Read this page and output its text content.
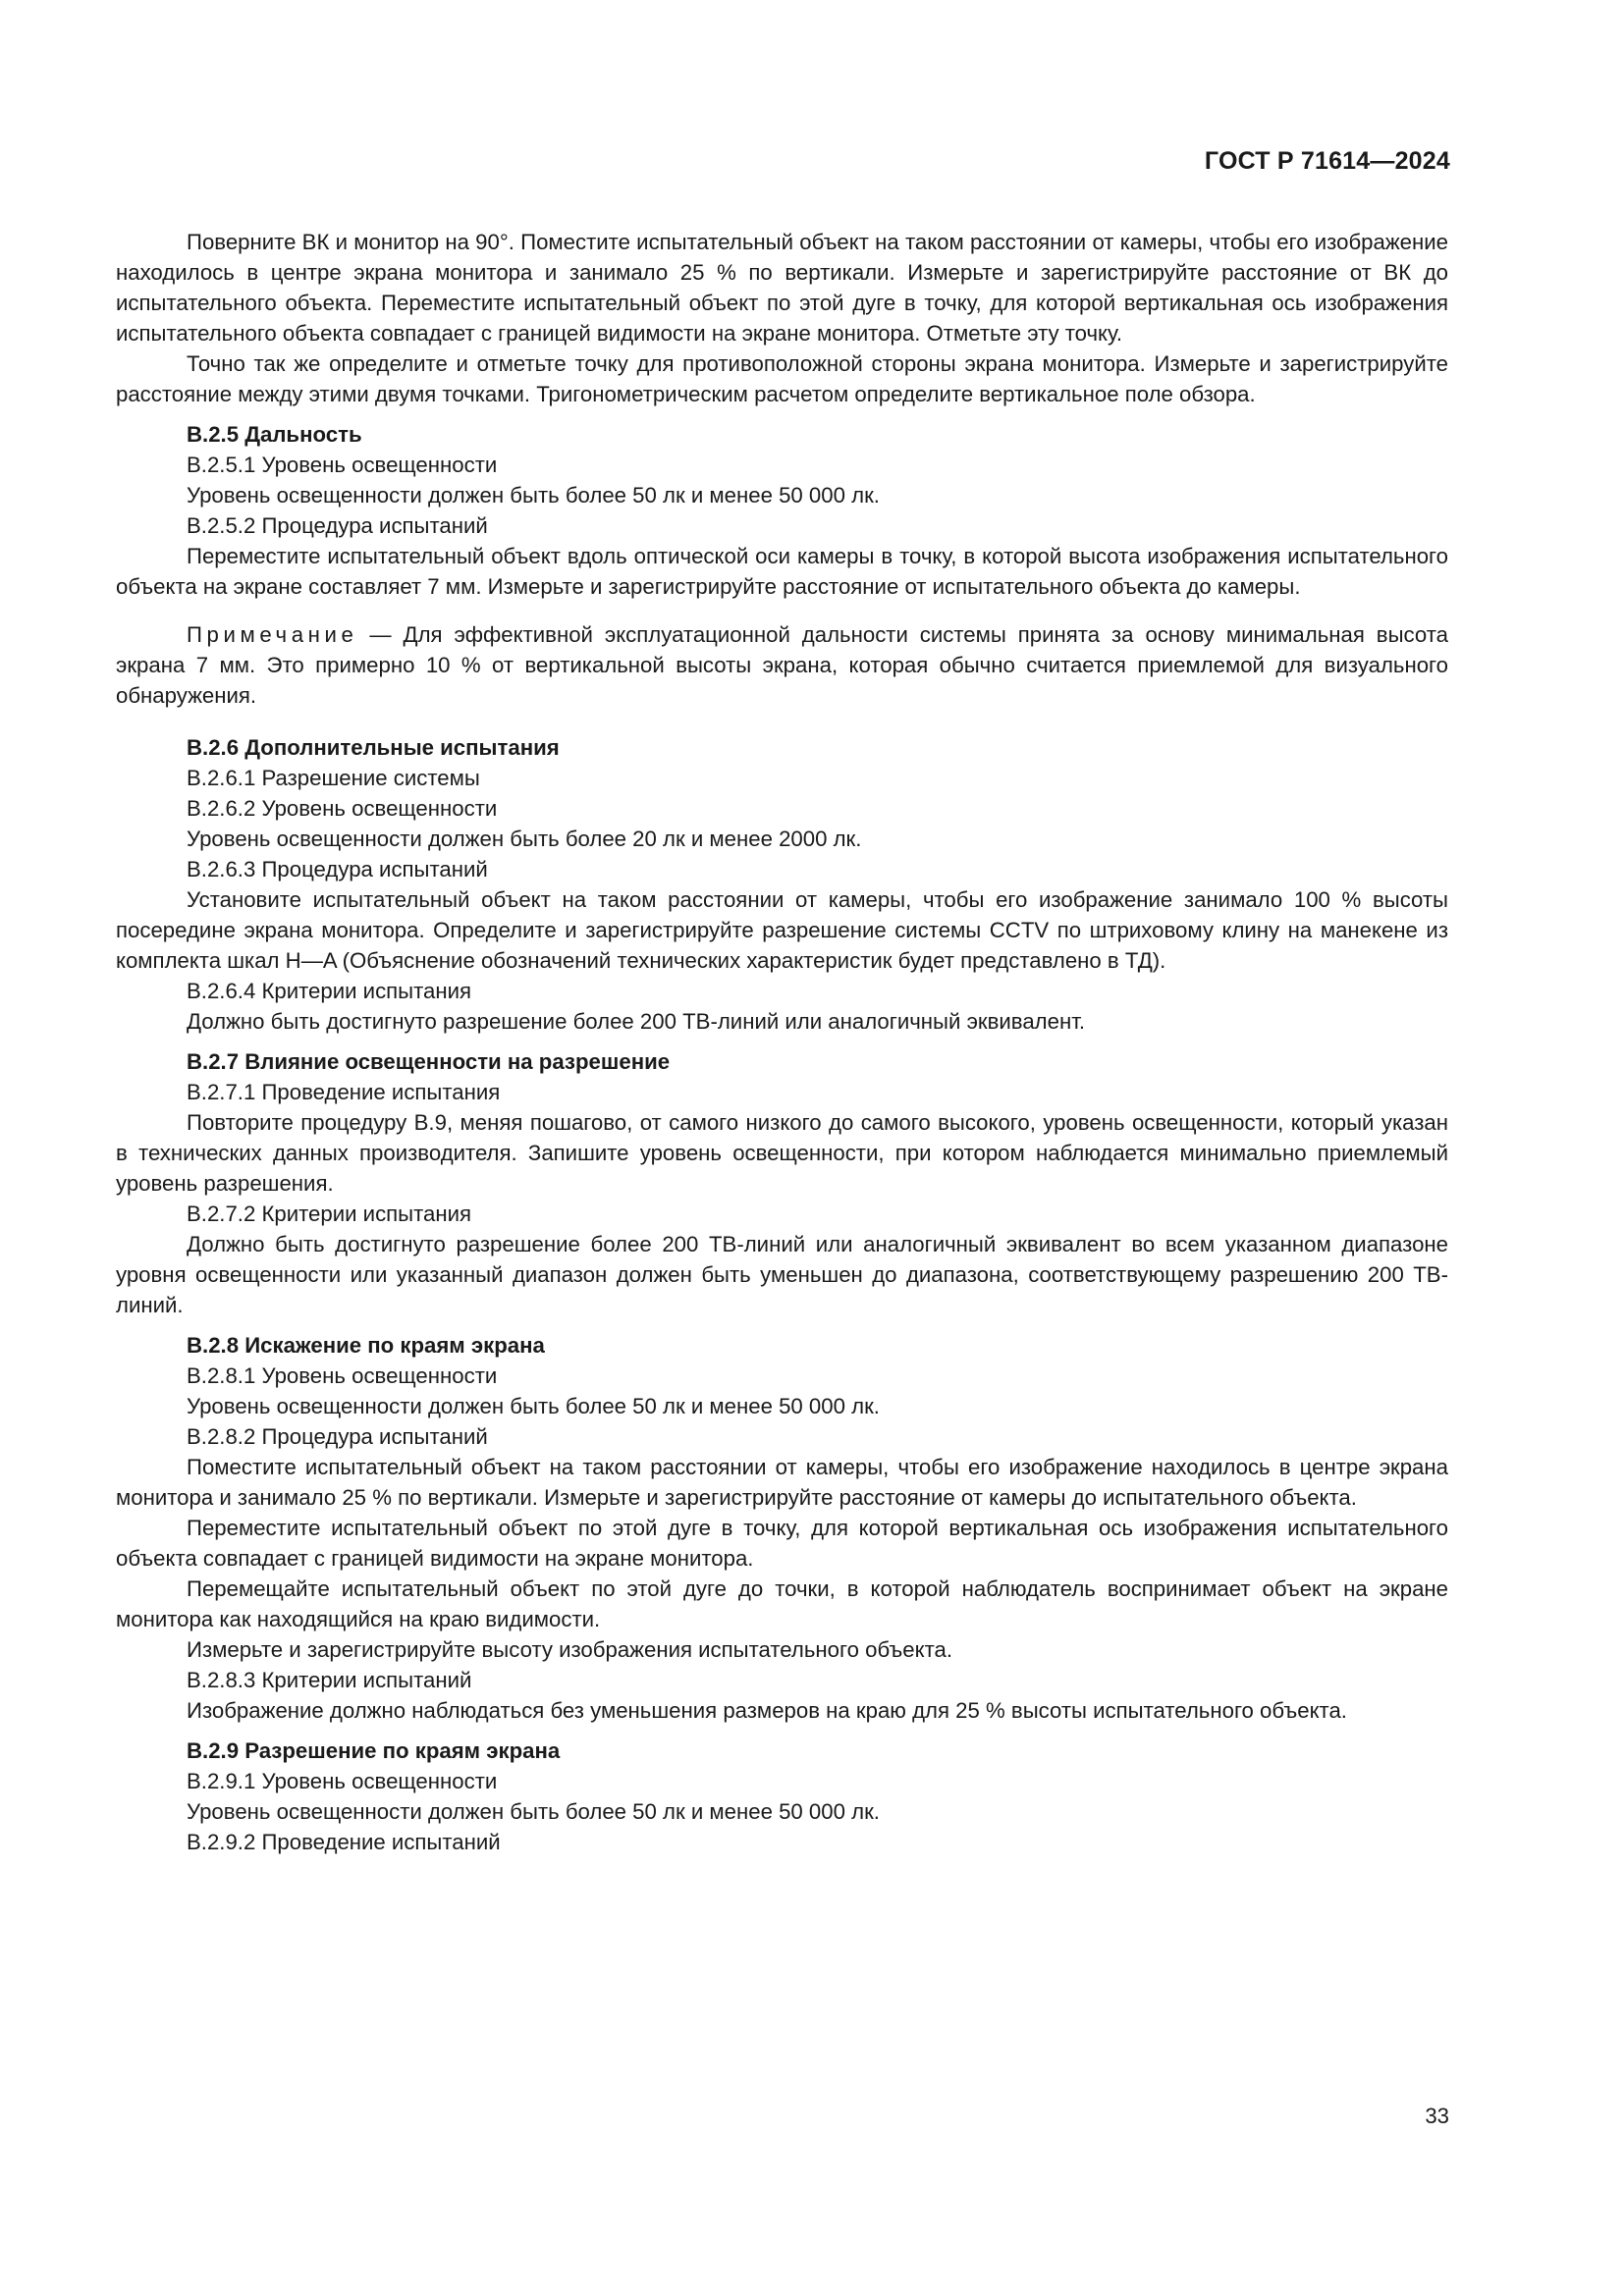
ГОСТ Р 71614—2024

Поверните ВК и монитор на 90°. Поместите испытательный объект на таком расстоянии от камеры, чтобы его изображение находилось в центре экрана монитора и занимало 25 % по вертикали. Измерьте и зарегистрируйте расстояние от ВК до испытательного объекта. Переместите испытательный объект по этой дуге в точку, для которой вертикальная ось изображения испытательного объекта совпадает с границей видимости на экране монитора. Отметьте эту точку.

Точно так же определите и отметьте точку для противоположной стороны экрана монитора. Измерьте и зарегистрируйте расстояние между этими двумя точками. Тригонометрическим расчетом определите вертикальное поле обзора.

В.2.5 Дальность

В.2.5.1 Уровень освещенности

Уровень освещенности должен быть более 50 лк и менее 50 000 лк.

В.2.5.2 Процедура испытаний

Переместите испытательный объект вдоль оптической оси камеры в точку, в которой высота изображения испытательного объекта на экране составляет 7 мм. Измерьте и зарегистрируйте расстояние от испытательного объекта до камеры.

Примечание — Для эффективной эксплуатационной дальности системы принята за основу минимальная высота экрана 7 мм. Это примерно 10 % от вертикальной высоты экрана, которая обычно считается приемлемой для визуального обнаружения.

В.2.6 Дополнительные испытания

В.2.6.1 Разрешение системы

В.2.6.2 Уровень освещенности

Уровень освещенности должен быть более 20 лк и менее 2000 лк.

В.2.6.3 Процедура испытаний

Установите испытательный объект на таком расстоянии от камеры, чтобы его изображение занимало 100 % высоты посередине экрана монитора. Определите и зарегистрируйте разрешение системы CCTV по штриховому клину на манекене из комплекта шкал H—A (Объяснение обозначений технических характеристик будет представлено в ТД).

В.2.6.4 Критерии испытания

Должно быть достигнуто разрешение более 200 ТВ-линий или аналогичный эквивалент.

В.2.7 Влияние освещенности на разрешение

В.2.7.1 Проведение испытания

Повторите процедуру В.9, меняя пошагово, от самого низкого до самого высокого, уровень освещенности, который указан в технических данных производителя. Запишите уровень освещенности, при котором наблюдается минимально приемлемый уровень разрешения.

В.2.7.2 Критерии испытания

Должно быть достигнуто разрешение более 200 ТВ-линий или аналогичный эквивалент во всем указанном диапазоне уровня освещенности или указанный диапазон должен быть уменьшен до диапазона, соответствующему разрешению 200 ТВ-линий.

В.2.8 Искажение по краям экрана

В.2.8.1 Уровень освещенности

Уровень освещенности должен быть более 50 лк и менее 50 000 лк.

В.2.8.2 Процедура испытаний

Поместите испытательный объект на таком расстоянии от камеры, чтобы его изображение находилось в центре экрана монитора и занимало 25 % по вертикали. Измерьте и зарегистрируйте расстояние от камеры до испытательного объекта.

Переместите испытательный объект по этой дуге в точку, для которой вертикальная ось изображения испытательного объекта совпадает с границей видимости на экране монитора.

Перемещайте испытательный объект по этой дуге до точки, в которой наблюдатель воспринимает объект на экране монитора как находящийся на краю видимости.

Измерьте и зарегистрируйте высоту изображения испытательного объекта.

В.2.8.3 Критерии испытаний

Изображение должно наблюдаться без уменьшения размеров на краю для 25 % высоты испытательного объекта.

В.2.9 Разрешение по краям экрана

В.2.9.1 Уровень освещенности

Уровень освещенности должен быть более 50 лк и менее 50 000 лк.

В.2.9.2 Проведение испытаний

33
